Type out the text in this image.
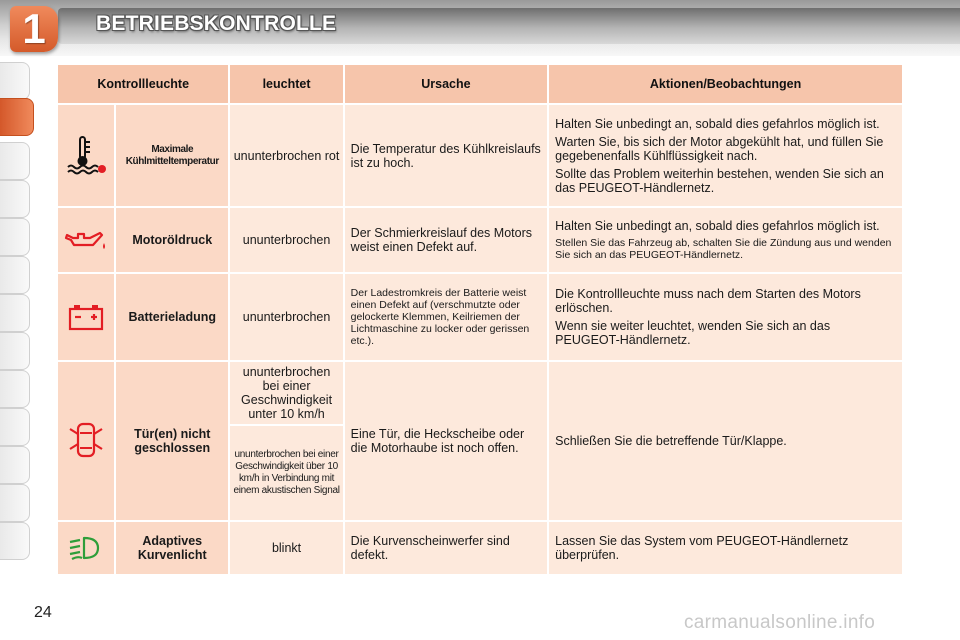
1 BETRIEBSKONTROLLE
Kontrollleuchte		leuchtet	Ursache	Aktionen/Beobachtungen

	Maximale Kühlmitteltemperatur	ununterbrochen rot	Die Temperatur des Kühlkreislaufs ist zu hoch.	Halten Sie unbedingt an, sobald dies gefahrlos möglich ist.
Warten Sie, bis sich der Motor abgekühlt hat, und füllen Sie gegebenenfalls Kühlflüssigkeit nach.
Sollte das Problem weiterhin bestehen, wenden Sie sich an das PEUGEOT-Händlernetz.

	Motoröldruck	ununterbrochen	Der Schmierkreislauf des Motors weist einen Defekt auf.	Halten Sie unbedingt an, sobald dies gefahrlos möglich ist.
Stellen Sie das Fahrzeug ab, schalten Sie die Zündung aus und wenden Sie sich an das PEUGEOT-Händlernetz.

	Batterieladung	ununterbrochen	Der Ladestromkreis der Batterie weist einen Defekt auf (verschmutzte oder gelockerte Klemmen, Keilriemen der Lichtmaschine zu locker oder gerissen etc.).	Die Kontrollleuchte muss nach dem Starten des Motors erlöschen.
Wenn sie weiter leuchtet, wenden Sie sich an das PEUGEOT-Händlernetz.

	Tür(en) nicht geschlossen	ununterbrochen bei einer Geschwindigkeit unter 10 km/h	Eine Tür, die Heckscheibe oder die Motorhaube ist noch offen.	Schließen Sie die betreffende Tür/Klappe.
		ununterbrochen bei einer Geschwindigkeit über 10 km/h in Verbindung mit einem akustischen Signal		

	Adaptives Kurvenlicht	blinkt	Die Kurvenscheinwerfer sind defekt.	Lassen Sie das System vom PEUGEOT-Händlernetz überprüfen.
24	carmanualsonline.info
